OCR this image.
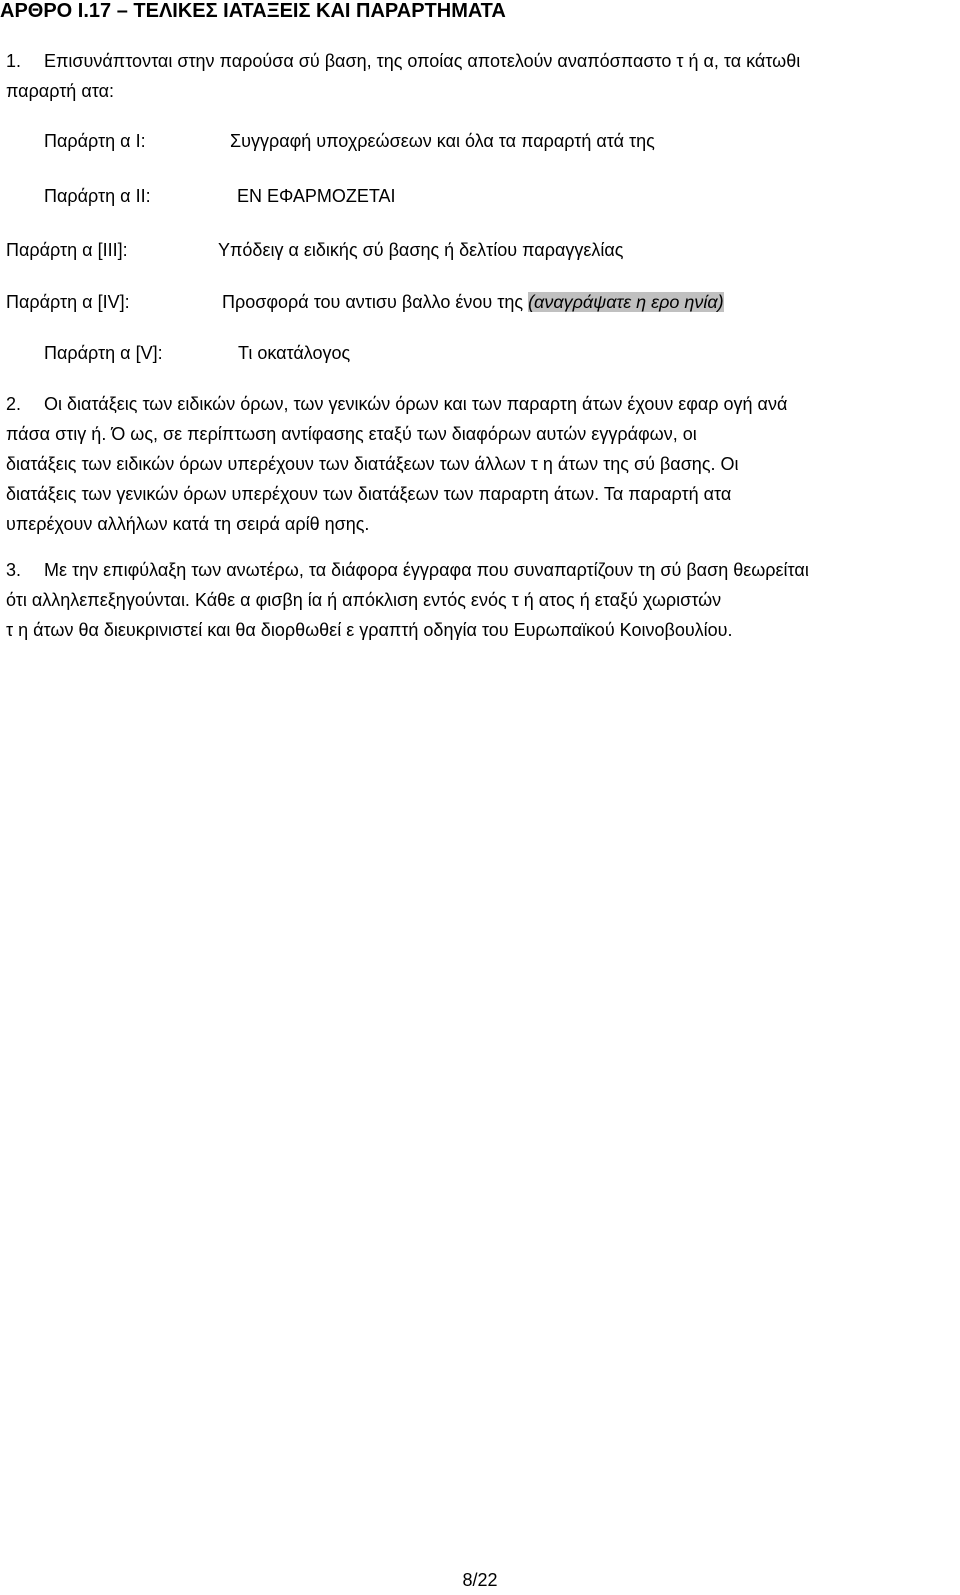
ΑΡΘΡΟ Ι.17 – ΤΕΛΙΚΕΣ ΙΑΤΑΞΕΙΣ ΚΑΙ ΠΑΡΑΡΤΗΜΑΤΑ
1. Επισυνάπτονται στην παρούσα σύ βαση, της οποίας αποτελούν αναπόσπαστο τ ή α, τα κάτωθι
παραρτή ατα:
Παράρτη α I:	Συγγραφή υποχρεώσεων και όλα τα παραρτή ατά της
Παράρτη α II:	ΕΝ ΕΦΑΡΜΟΖΕΤΑΙ
Παράρτη α [III]:	Υπόδειγ α ειδικής σύ βασης ή δελτίου παραγγελίας
Παράρτη α [IV]:	Προσφορά του αντισυ βαλλο ένου της (αναγράψατε η ερο ηνία)
Παράρτη α [V]:	Τι οκατάλογος
2. Οι διατάξεις των ειδικών όρων, των γενικών όρων και των παραρτη άτων έχουν εφαρ ογή ανά
πάσα στιγ ή. Ό ως, σε περίπτωση αντίφασης εταξύ των διαφόρων αυτών εγγράφων, οι
διατάξεις των ειδικών όρων υπερέχουν των διατάξεων των άλλων τ η άτων της σύ βασης. Οι
διατάξεις των γενικών όρων υπερέχουν των διατάξεων των παραρτη άτων. Τα παραρτή ατα
υπερέχουν αλλήλων κατά τη σειρά αρίθ ησης.
3. Με την επιφύλαξη των ανωτέρω, τα διάφορα έγγραφα που συναπαρτίζουν τη σύ βαση θεωρείται
ότι αλληλεπεξηγούνται. Κάθε α φισβη ία ή απόκλιση εντός ενός τ ή ατος ή εταξύ χωριστών
τ η άτων θα διευκρινιστεί και θα διορθωθεί ε γραπτή οδηγία του Ευρωπαϊκού Κοινοβουλίου.
8/22
